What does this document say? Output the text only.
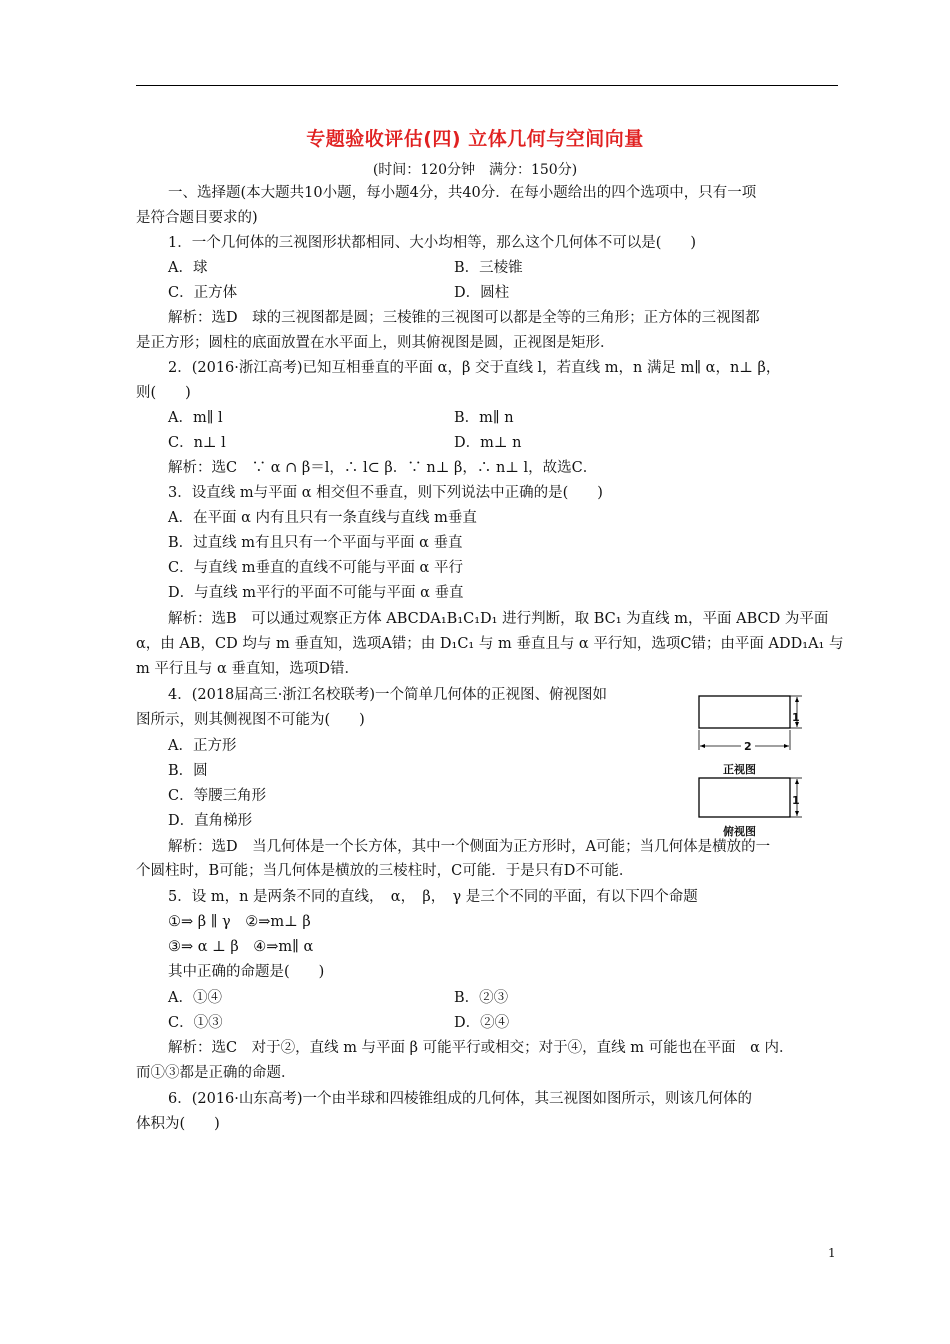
专题验收评估(四) 立体几何与空间向量
(时间：120分钟　满分：150分)
一、选择题(本大题共10小题，每小题4分，共40分．在每小题给出的四个选项中，只有一项
是符合题目要求的)
1．一个几何体的三视图形状都相同、大小均相等，那么这个几何体不可以是(　　)
A．球	B．三棱锥
C．正方体	D．圆柱
解析：选D　球的三视图都是圆；三棱锥的三视图可以都是全等的三角形；正方体的三视图都
是正方形；圆柱的底面放置在水平面上，则其俯视图是圆，正视图是矩形．
2．(2016·浙江高考)已知互相垂直的平面 α，β 交于直线 l，若直线 m，n 满足 m∥ α，n⊥ β，
则(　　)
A．m∥ l	B．m∥ n
C．n⊥ l	D．m⊥ n
解析：选C　∵ α ∩ β＝l，∴ l⊂ β．∵ n⊥ β，∴ n⊥ l，故选C．
3．设直线 m与平面 α 相交但不垂直，则下列说法中正确的是(　　)
A．在平面 α 内有且只有一条直线与直线 m垂直
B．过直线 m有且只有一个平面与平面 α 垂直
C．与直线 m垂直的直线不可能与平面 α 平行
D．与直线 m平行的平面不可能与平面 α 垂直
解析：选B　可以通过观察正方体 ABCDA₁B₁C₁D₁ 进行判断，取 BC₁ 为直线 m，平面 ABCD 为平面
α，由 AB，CD 均与 m 垂直知，选项A错；由 D₁C₁ 与 m 垂直且与 α 平行知，选项C错；由平面 ADD₁A₁ 与
m 平行且与 α 垂直知，选项D错．
4．(2018届高三·浙江名校联考)一个简单几何体的正视图、俯视图如
图所示，则其侧视图不可能为(　　)
A．正方形
B．圆
C．等腰三角形
D．直角梯形
1
2
正视图
1
俯视图
解析：选D　当几何体是一个长方体，其中一个侧面为正方形时，A可能；当几何体是横放的一
个圆柱时，B可能；当几何体是横放的三棱柱时，C可能．于是只有D不可能．
5．设 m，n 是两条不同的直线，　α，　β，　γ 是三个不同的平面，有以下四个命题
①⇒ β ∥ γ　②⇒m⊥ β
③⇒ α ⊥ β　④⇒m∥ α
其中正确的命题是(　　)
A．①④	B．②③
C．①③	D．②④
解析：选C　对于②，直线 m 与平面 β 可能平行或相交；对于④，直线 m 可能也在平面　α 内．
而①③都是正确的命题．
6．(2016·山东高考)一个由半球和四棱锥组成的几何体，其三视图如图所示，则该几何体的
体积为(　　)
1
